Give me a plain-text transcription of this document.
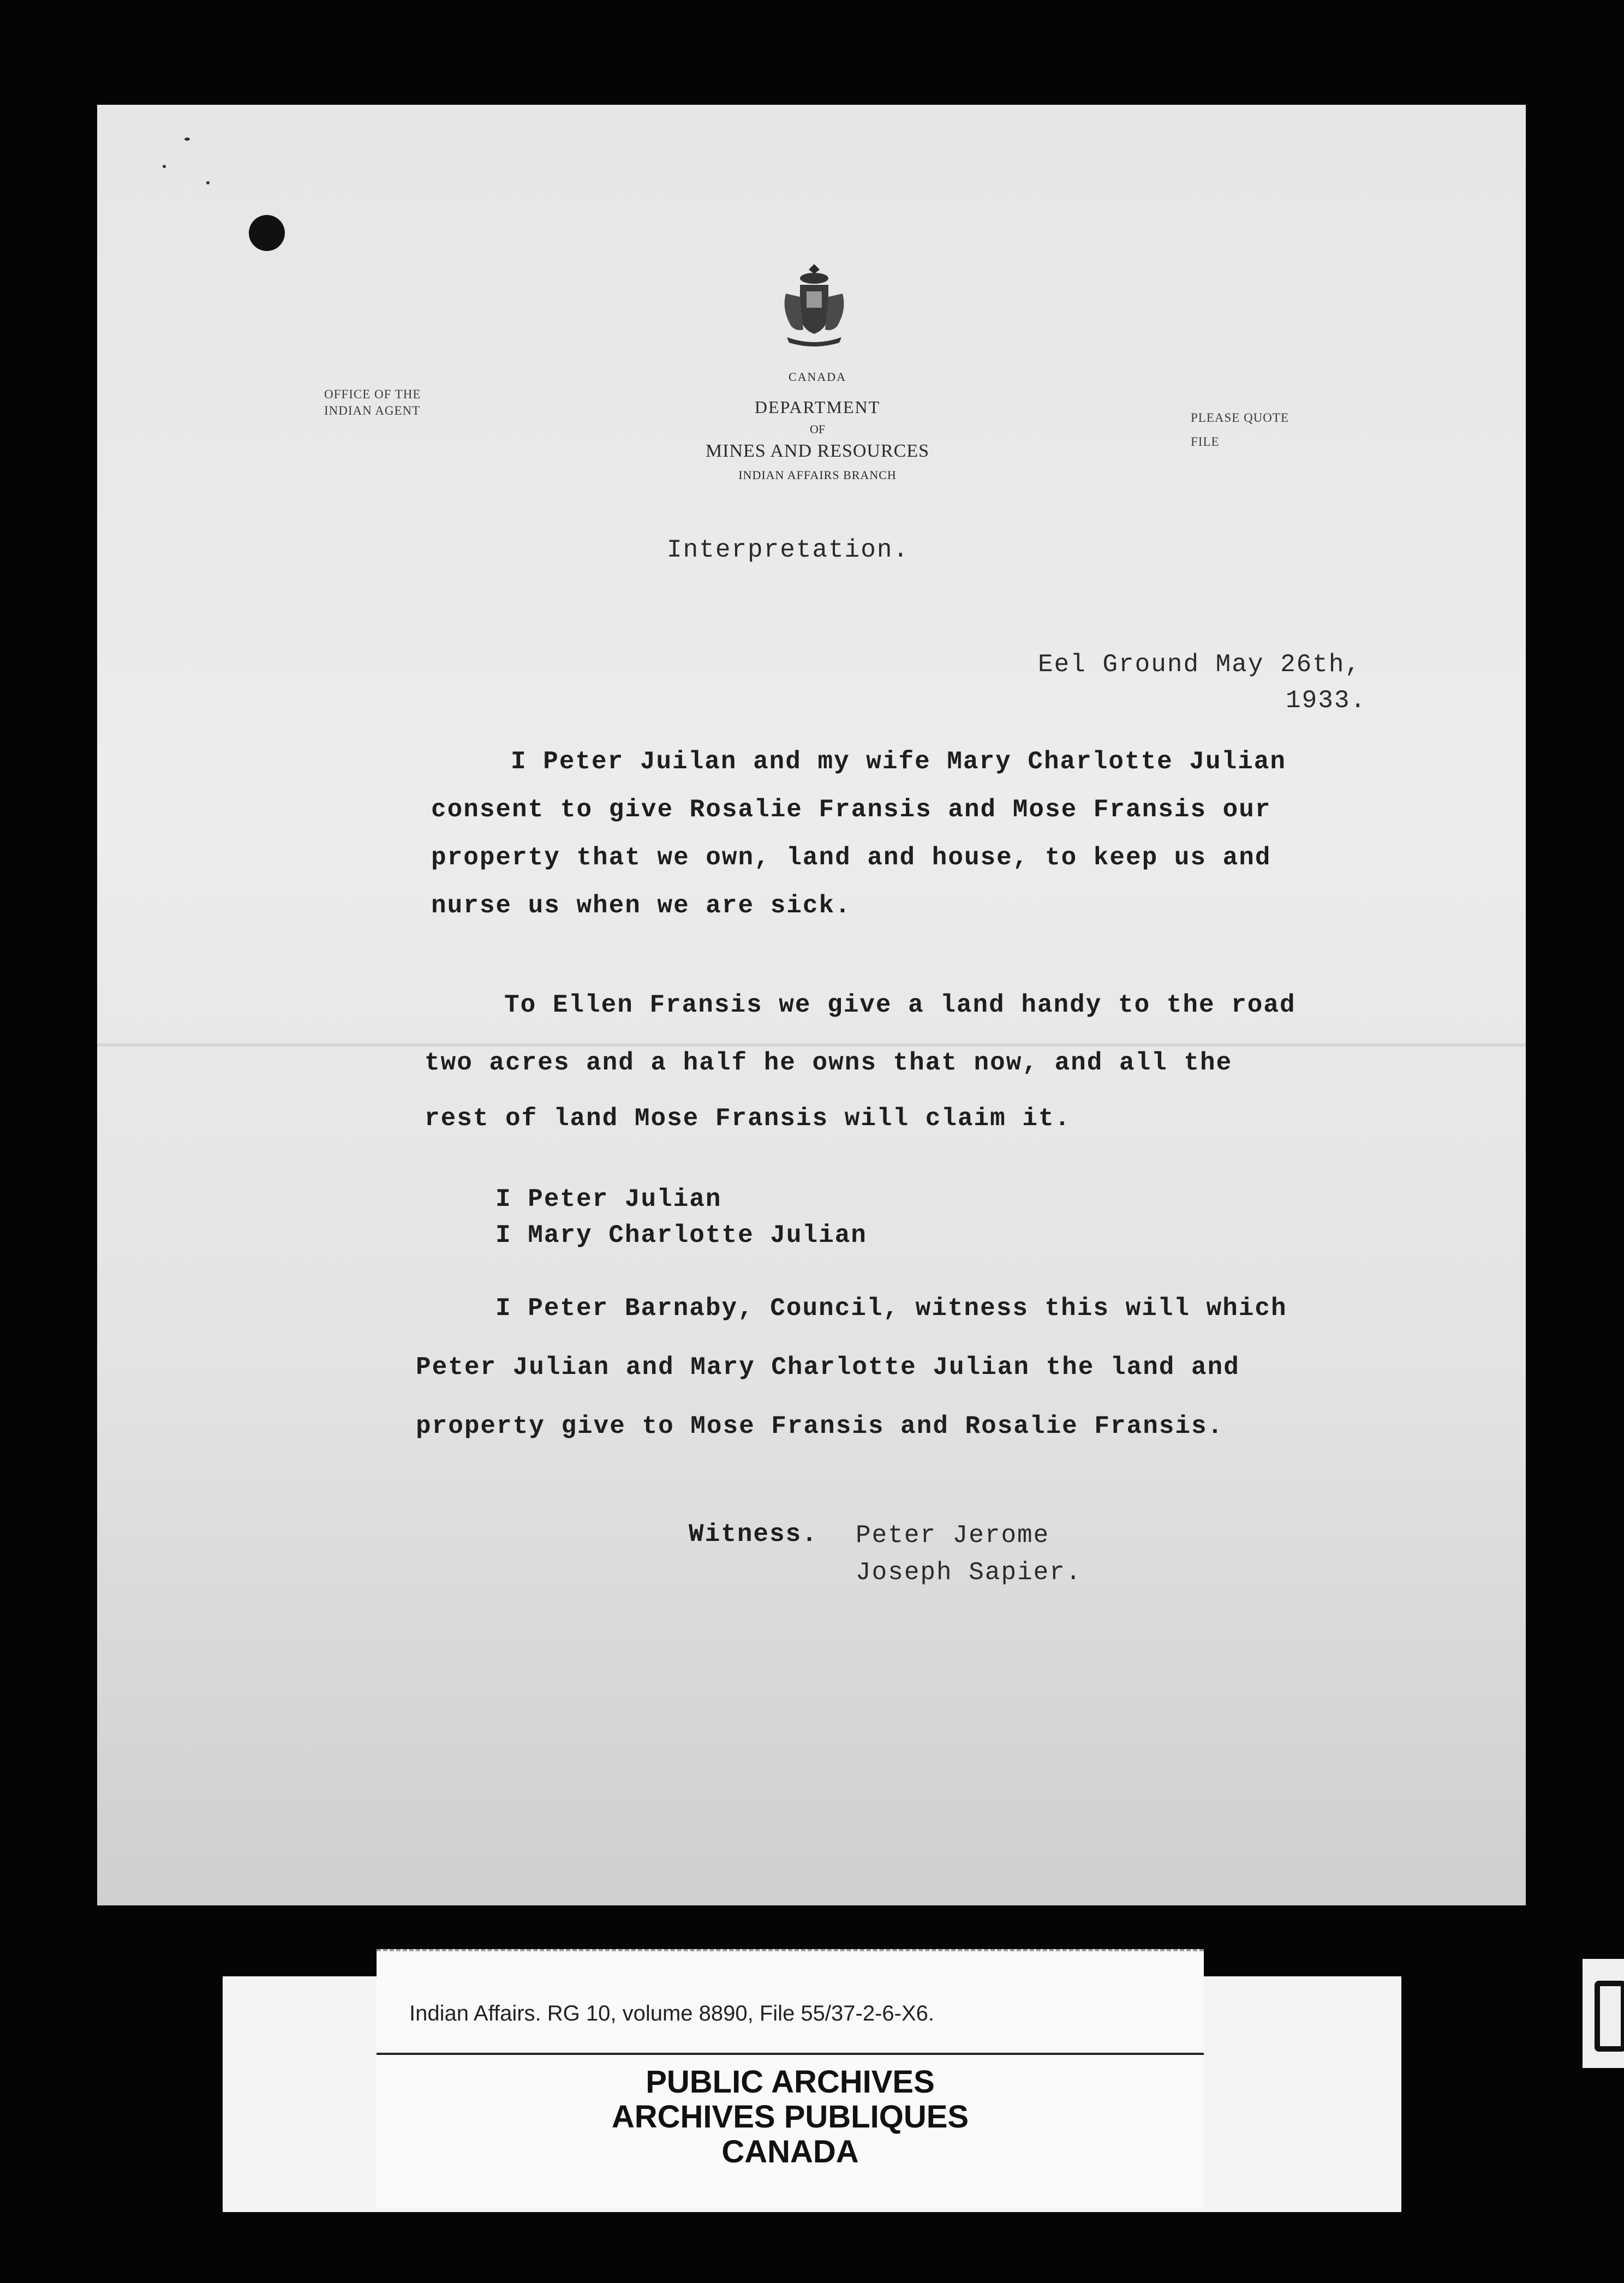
OFFICE OF THE
INDIAN AGENT
CANADA
DEPARTMENT
OF
MINES AND RESOURCES
INDIAN AFFAIRS BRANCH
PLEASE QUOTE
FILE
Interpretation.
Eel Ground May 26th,
1933.
I Peter Juilan and my wife Mary Charlotte Julian
consent to give Rosalie Fransis and Mose Fransis our
property that we own, land and house, to keep us and
nurse us when we are sick.
To Ellen Fransis we give a land handy to the road
two acres and a half he owns that now, and all the
rest of land Mose Fransis will claim it.
I Peter Julian
I Mary Charlotte Julian
I Peter Barnaby, Council, witness this will which
Peter Julian and Mary Charlotte Julian the land and
property give to Mose Fransis and Rosalie Fransis.
Witness. Peter Jerome
Joseph Sapier.
Indian Affairs. RG 10, volume 8890, File 55/37-2-6-X6.
PUBLIC ARCHIVES
ARCHIVES PUBLIQUES
CANADA
